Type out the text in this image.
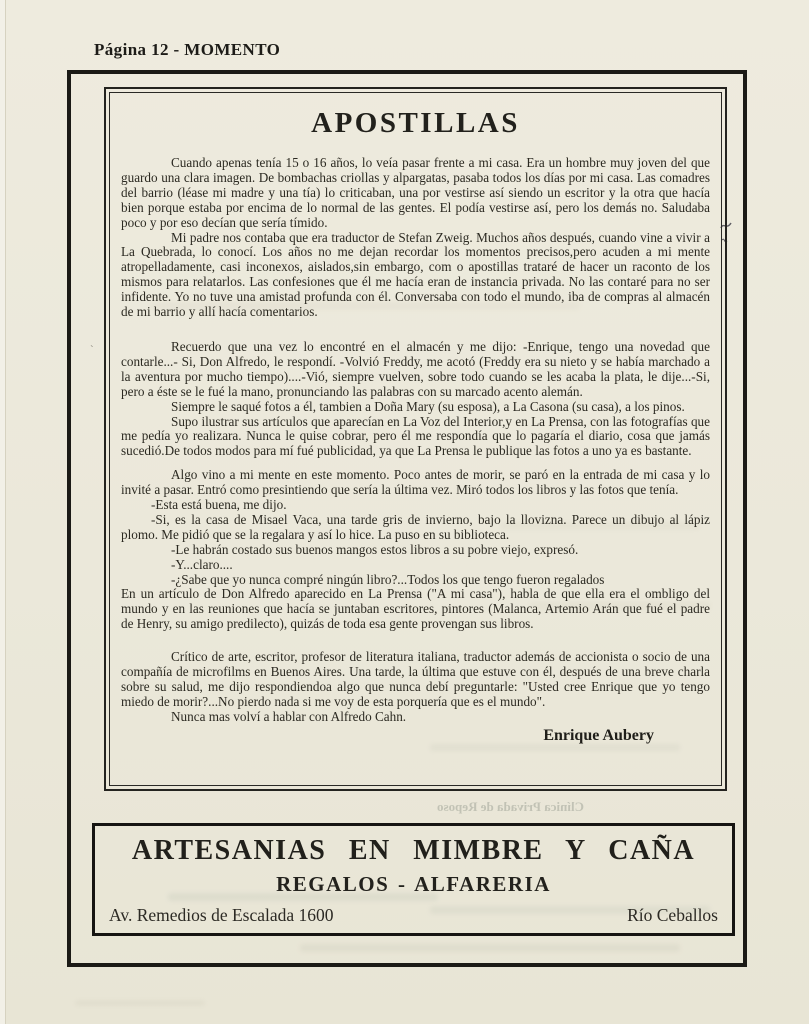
Página 12 - MOMENTO
Clínica Privada de Reposo
`
APOSTILLAS

Cuando apenas tenía 15 o 16 años, lo veía pasar frente a mi casa. Era un hombre muy joven del que guardo una clara imagen. De bombachas criollas y alpargatas, pasaba todos los días por mi casa. Las comadres del barrio (léase mi madre y una tía) lo criticaban, una por vestirse así siendo un escritor y la otra que hacía bien porque estaba por encima de lo normal de las gentes. El podía vestirse así, pero los demás no. Saludaba poco y por eso decían que sería tímido.

Mi padre nos contaba que era traductor de Stefan Zweig. Muchos años después, cuando vine a vivir a La Quebrada, lo conocí. Los años no me dejan recordar los momentos precisos,pero acuden a mi mente atropelladamente, casi inconexos, aislados,sin embargo, com o apostillas trataré de hacer un raconto de los mismos para relatarlos. Las confesiones que él me hacía eran de instancia privada. No las contaré para no ser infidente. Yo no tuve una amistad profunda con él. Conversaba con todo el mundo, iba de compras al almacén de mi barrio y allí hacía comentarios.

Recuerdo que una vez lo encontré en el almacén y me dijo: -Enrique, tengo una novedad que contarle...- Si, Don Alfredo, le respondí. -Volvió Freddy, me acotó (Freddy era su nieto y se había marchado a la aventura por mucho tiempo)....-Vió, siempre vuelven, sobre todo cuando se les acaba la plata, le dije...-Si, pero a éste se le fué la mano, pronunciando las palabras con su marcado acento alemán.

Siempre le saqué fotos a él, tambien a Doña Mary (su esposa), a La Casona (su casa), a los pinos.

Supo ilustrar sus artículos que aparecían en La Voz del Interior,y en La Prensa, con las fotografías que me pedía yo realizara. Nunca le quise cobrar, pero él me respondía que lo pagaría el diario, cosa que jamás sucedió.De todos modos para mí fué publicidad, ya que La Prensa le publique las fotos a uno ya es bastante.

Algo vino a mi mente en este momento. Poco antes de morir, se paró en la entrada de mi casa y lo invité a pasar. Entró como presintiendo que sería la última vez. Miró todos los libros y las fotos que tenía.

-Esta está buena, me dijo.

-Si, es la casa de Misael Vaca, una tarde gris de invierno, bajo la llovizna. Parece un dibujo al lápiz plomo. Me pidió que se la regalara y así lo hice. La puso en su biblioteca.

-Le habrán costado sus buenos mangos estos libros a su pobre viejo, expresó.

-Y...claro....

-¿Sabe que yo nunca compré ningún libro?...Todos los que tengo fueron regalados

En un artículo de Don Alfredo aparecido en La Prensa ("A mi casa"), habla de que ella era el ombligo del mundo y en las reuniones que hacía se juntaban escritores, pintores (Malanca, Artemio Arán que fué el padre de Henry, su amigo predilecto), quizás de toda esa gente provengan sus libros.

Crítico de arte, escritor, profesor de literatura italiana, traductor además de accionista o socio de una compañía de microfilms en Buenos Aires. Una tarde, la última que estuve con él, después de una breve charla sobre su salud, me dijo respondiendoa algo que nunca debí preguntarle: "Usted cree Enrique que yo tengo miedo de morir?...No pierdo nada si me voy de esta porquería que es el mundo".

Nunca mas volví a hablar con Alfredo Cahn.

Enrique Aubery
ARTESANIAS EN MIMBRE Y CAÑA
REGALOS - ALFARERIA
Av. Remedios de Escalada 1600	Río Ceballos
